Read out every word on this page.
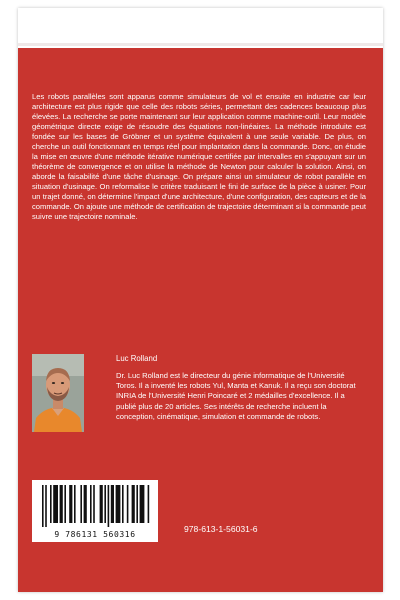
Les robots parallèles sont apparus comme simulateurs de vol et ensuite en industrie car leur architecture est plus rigide que celle des robots séries, permettant des cadences beaucoup plus élevées. La recherche se porte maintenant sur leur application comme machine-outil. Leur modèle géométrique directe exige de résoudre des équations non-linéaires. La méthode introduite est fondée sur les bases de Gröbner et un système équivalent à une seule variable. De plus, on cherche un outil fonctionnant en temps réel pour implantation dans la commande. Donc, on étudie la mise en œuvre d'une méthode itérative numérique certifiée par intervalles en s'appuyant sur un théorème de convergence et on utilise la méthode de Newton pour calculer la solution. Ainsi, on aborde la faisabilité d'une tâche d'usinage. On prépare ainsi un simulateur de robot parallèle en situation d'usinage. On reformalise le critère traduisant le fini de surface de la pièce à usiner. Pour un trajet donné, on détermine l'impact d'une architecture, d'une configuration, des capteurs et de la commande. On ajoute une méthode de certification de trajectoire déterminant si la commande peut suivre une trajectoire nominale.

Luc Rolland

Dr. Luc Rolland est le directeur du génie informatique de l'Université Toros. Il a inventé les robots Yul, Manta et Kanuk. Il a reçu son doctorat INRIA de l'Université Henri Poincaré et 2 médailles d'excellence. Il a publié plus de 20 articles. Ses intérêts de recherche incluent la conception, cinématique, simulation et commande de robots.

9 786131 560316
978-613-1-56031-6
